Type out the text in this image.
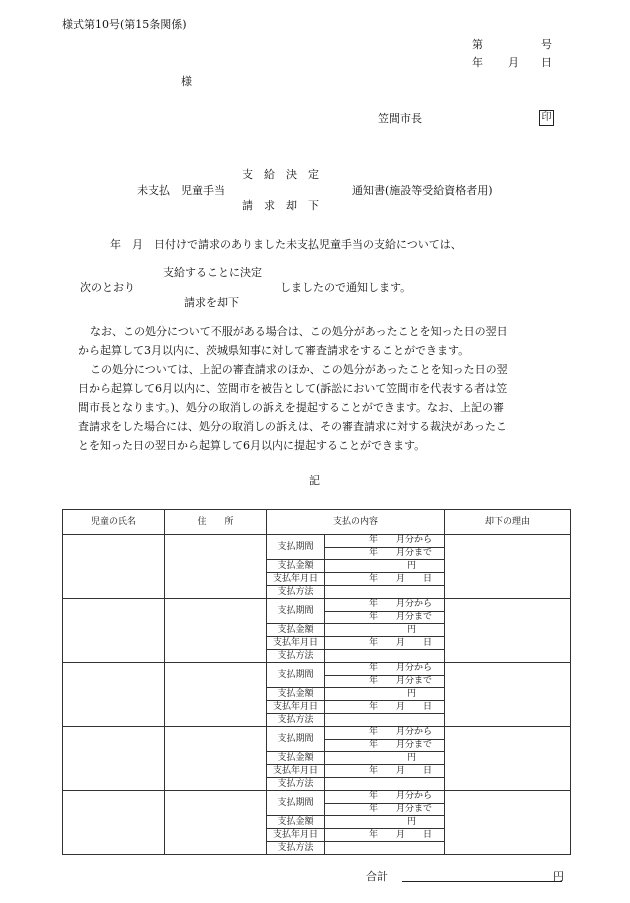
様式第10号(第15条関係)
第	号
年 月 日
様
笠間市長	印
支　給　決　定
未支払　児童手当	通知書(施設等受給資格者用)
請　求　却　下
年　月　日付けで請求のありました未支払児童手当の支給については、
支給することに決定
次のとおり	しましたので通知します。
請求を却下
なお、この処分について不服がある場合は、この処分があったことを知った日の翌日
から起算して3月以内に、茨城県知事に対して審査請求をすることができます。
この処分については、上記の審査請求のほか、この処分があったことを知った日の翌
日から起算して6月以内に、笠間市を被告として(訴訟において笠間市を代表する者は笠
間市長となります。)、処分の取消しの訴えを提起することができます。なお、上記の審
査請求をした場合には、処分の取消しの訴えは、その審査請求に対する裁決があったこ
とを知った日の翌日から起算して6月以内に提起することができます。
記
児童の氏名	住　　所	支払の内容		却下の理由
		支払期間	年　　月分から	
			年　　月分まで	
		支払金額	円	
		支払年月日	年　　月　　日	
		支払方法		
		支払期間	年　　月分から	
			年　　月分まで	
		支払金額	円	
		支払年月日	年　　月　　日	
		支払方法		
		支払期間	年　　月分から	
			年　　月分まで	
		支払金額	円	
		支払年月日	年　　月　　日	
		支払方法		
		支払期間	年　　月分から	
			年　　月分まで	
		支払金額	円	
		支払年月日	年　　月　　日	
		支払方法		
		支払期間	年　　月分から	
			年　　月分まで	
		支払金額	円	
		支払年月日	年　　月　　日	
		支払方法		
合計	円
